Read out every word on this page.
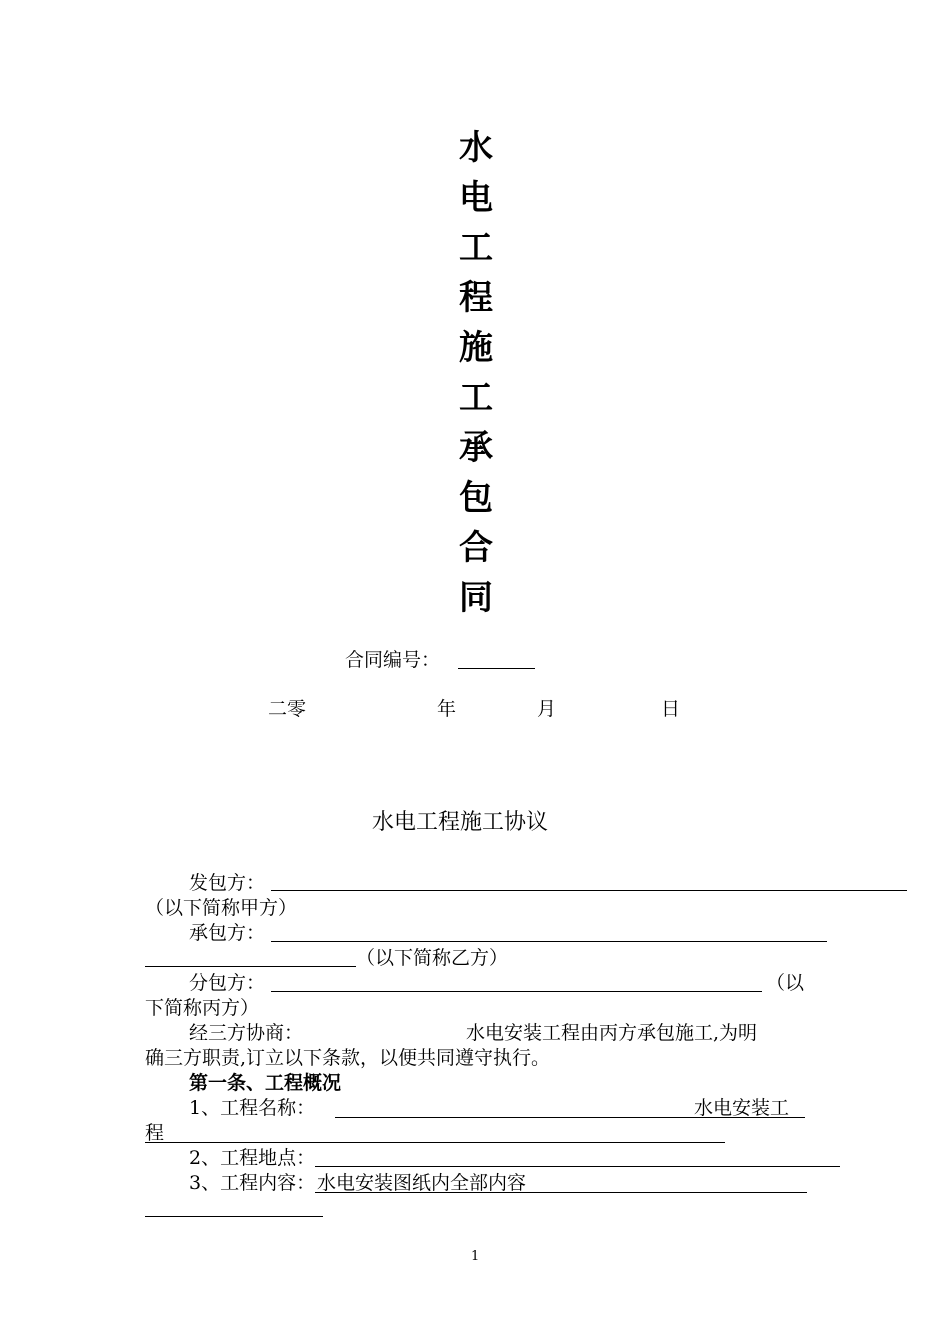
水
电
工
程
施
工
承
包
合
同
合同编号：
二零	年	月	日
水电工程施工协议
发包方：
（以下简称甲方）
承包方：
（以下简称乙方）
分包方：	（以
下简称丙方）
经三方协商：	水电安装工程由丙方承包施工,为明
确三方职责,订立以下条款，以便共同遵守执行。
第一条、工程概况
1、工程名称：	水电安装工
程
2、工程地点：
3、工程内容： 水电安装图纸内全部内容
1
